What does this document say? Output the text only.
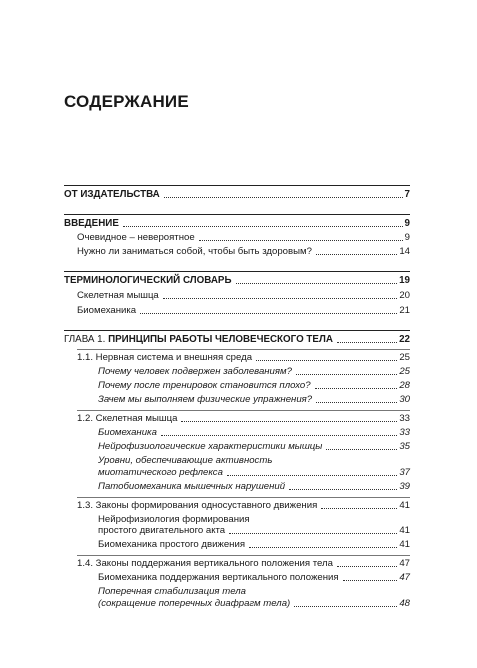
СОДЕРЖАНИЕ
ОТ ИЗДАТЕЛЬСТВА	7
ВВЕДЕНИЕ	9
Очевидное – невероятное	9
Нужно ли заниматься собой, чтобы быть здоровым?	14
ТЕРМИНОЛОГИЧЕСКИЙ СЛОВАРЬ	19
Скелетная мышца	20
Биомеханика	21
ГЛАВА 1. ПРИНЦИПЫ РАБОТЫ ЧЕЛОВЕЧЕСКОГО ТЕЛА	22
1.1. Нервная система и внешняя среда	25
Почему человек подвержен заболеваниям?	25
Почему после тренировок становится плохо?	28
Зачем мы выполняем физические упражнения?	30
1.2. Скелетная мышца	33
Биомеханика	33
Нейрофизиологические характеристики мышцы	35
Уровни, обеспечивающие активность
миотатического рефлекса	37
Патобиомеханика мышечных нарушений	39
1.3. Законы формирования односуставного движения	41
Нейрофизиология формирования
простого двигательного акта	41
Биомеханика простого движения	41
1.4. Законы поддержания вертикального положения тела	47
Биомеханика поддержания вертикального положения	47
Поперечная стабилизация тела
(сокращение поперечных диафрагм тела)	48
